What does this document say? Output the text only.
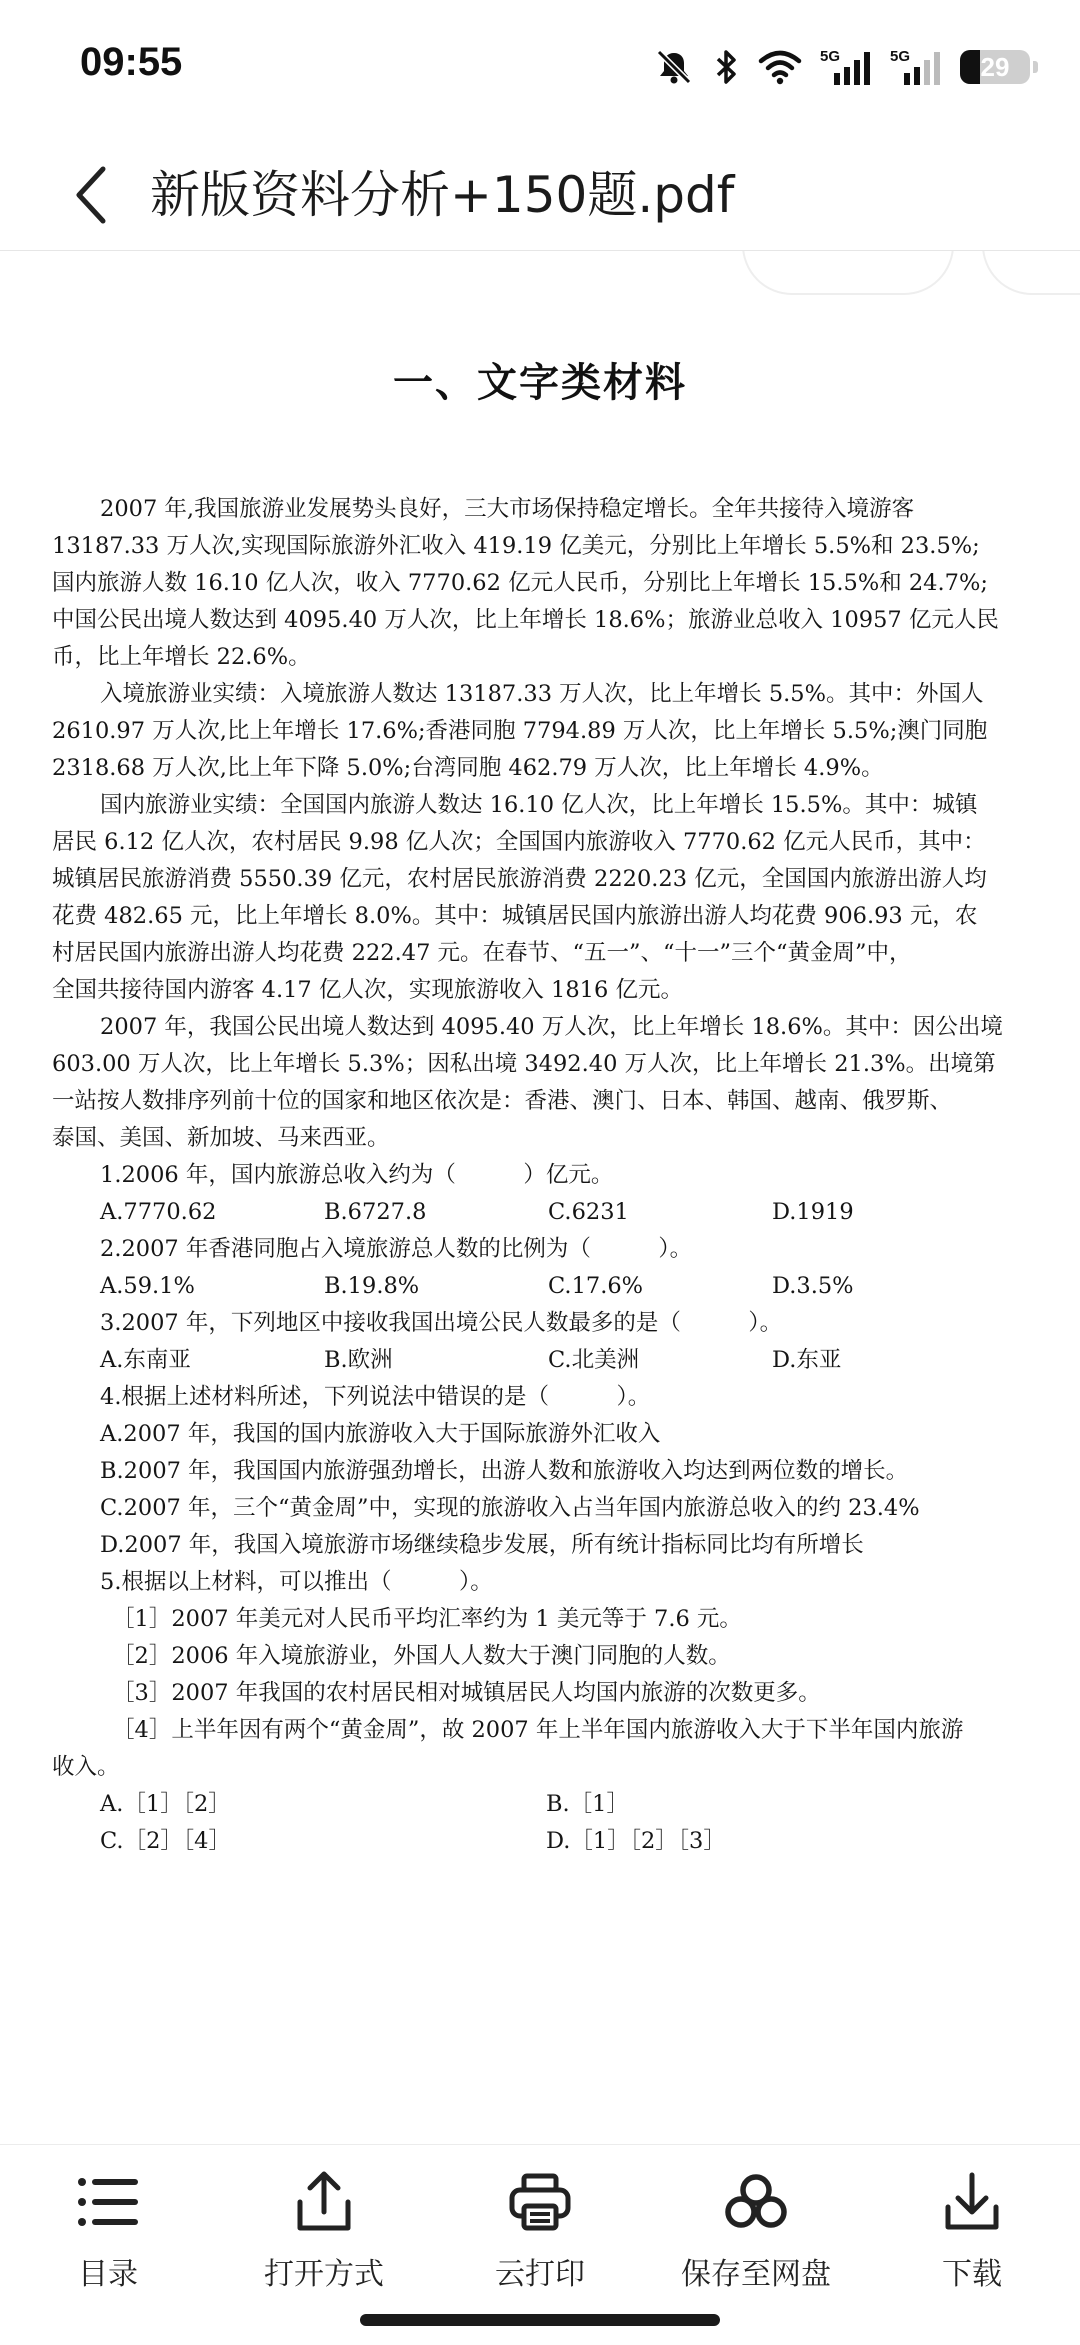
09:55	5G	5G	29
新版资料分析+150题.pdf
一、文字类材料
2007 年,我国旅游业发展势头良好，三大市场保持稳定增长。全年共接待入境游客
13187.33 万人次,实现国际旅游外汇收入 419.19 亿美元，分别比上年增长 5.5%和 23.5%;
国内旅游人数 16.10 亿人次，收入 7770.62 亿元人民币，分别比上年增长 15.5%和 24.7%;
中国公民出境人数达到 4095.40 万人次，比上年增长 18.6%；旅游业总收入 10957 亿元人民
币，比上年增长 22.6%。
入境旅游业实绩：入境旅游人数达 13187.33 万人次，比上年增长 5.5%。其中：外国人
2610.97 万人次,比上年增长 17.6%;香港同胞 7794.89 万人次，比上年增长 5.5%;澳门同胞
2318.68 万人次,比上年下降 5.0%;台湾同胞 462.79 万人次，比上年增长 4.9%。
国内旅游业实绩：全国国内旅游人数达 16.10 亿人次，比上年增长 15.5%。其中：城镇
居民 6.12 亿人次，农村居民 9.98 亿人次；全国国内旅游收入 7770.62 亿元人民币，其中：
城镇居民旅游消费 5550.39 亿元，农村居民旅游消费 2220.23 亿元，全国国内旅游出游人均
花费 482.65 元，比上年增长 8.0%。其中：城镇居民国内旅游出游人均花费 906.93 元，农
村居民国内旅游出游人均花费 222.47 元。在春节、“五一”、“十一”三个“黄金周”中，
全国共接待国内游客 4.17 亿人次，实现旅游收入 1816 亿元。
2007 年，我国公民出境人数达到 4095.40 万人次，比上年增长 18.6%。其中：因公出境
603.00 万人次，比上年增长 5.3%；因私出境 3492.40 万人次，比上年增长 21.3%。出境第
一站按人数排序列前十位的国家和地区依次是：香港、澳门、日本、韩国、越南、俄罗斯、
泰国、美国、新加坡、马来西亚。
1.2006 年，国内旅游总收入约为（　　　）亿元。
A.7770.62	B.6727.8	C.6231	D.1919
2.2007 年香港同胞占入境旅游总人数的比例为（　　　）。
A.59.1%	B.19.8%	C.17.6%	D.3.5%
3.2007 年，下列地区中接收我国出境公民人数最多的是（　　　）。
A.东南亚	B.欧洲	C.北美洲	D.东亚
4.根据上述材料所述，下列说法中错误的是（　　　）。
A.2007 年，我国的国内旅游收入大于国际旅游外汇收入
B.2007 年，我国国内旅游强劲增长，出游人数和旅游收入均达到两位数的增长。
C.2007 年，三个“黄金周”中，实现的旅游收入占当年国内旅游总收入的约 23.4%
D.2007 年，我国入境旅游市场继续稳步发展，所有统计指标同比均有所增长
5.根据以上材料，可以推出（　　　）。
［1］2007 年美元对人民币平均汇率约为 1 美元等于 7.6 元。
［2］2006 年入境旅游业，外国人人数大于澳门同胞的人数。
［3］2007 年我国的农村居民相对城镇居民人均国内旅游的次数更多。
［4］上半年因有两个“黄金周”，故 2007 年上半年国内旅游收入大于下半年国内旅游
收入。
A.［1］［2］	B.［1］
C.［2］［4］	D.［1］［2］［3］
目录	打开方式	云打印	保存至网盘	下载
